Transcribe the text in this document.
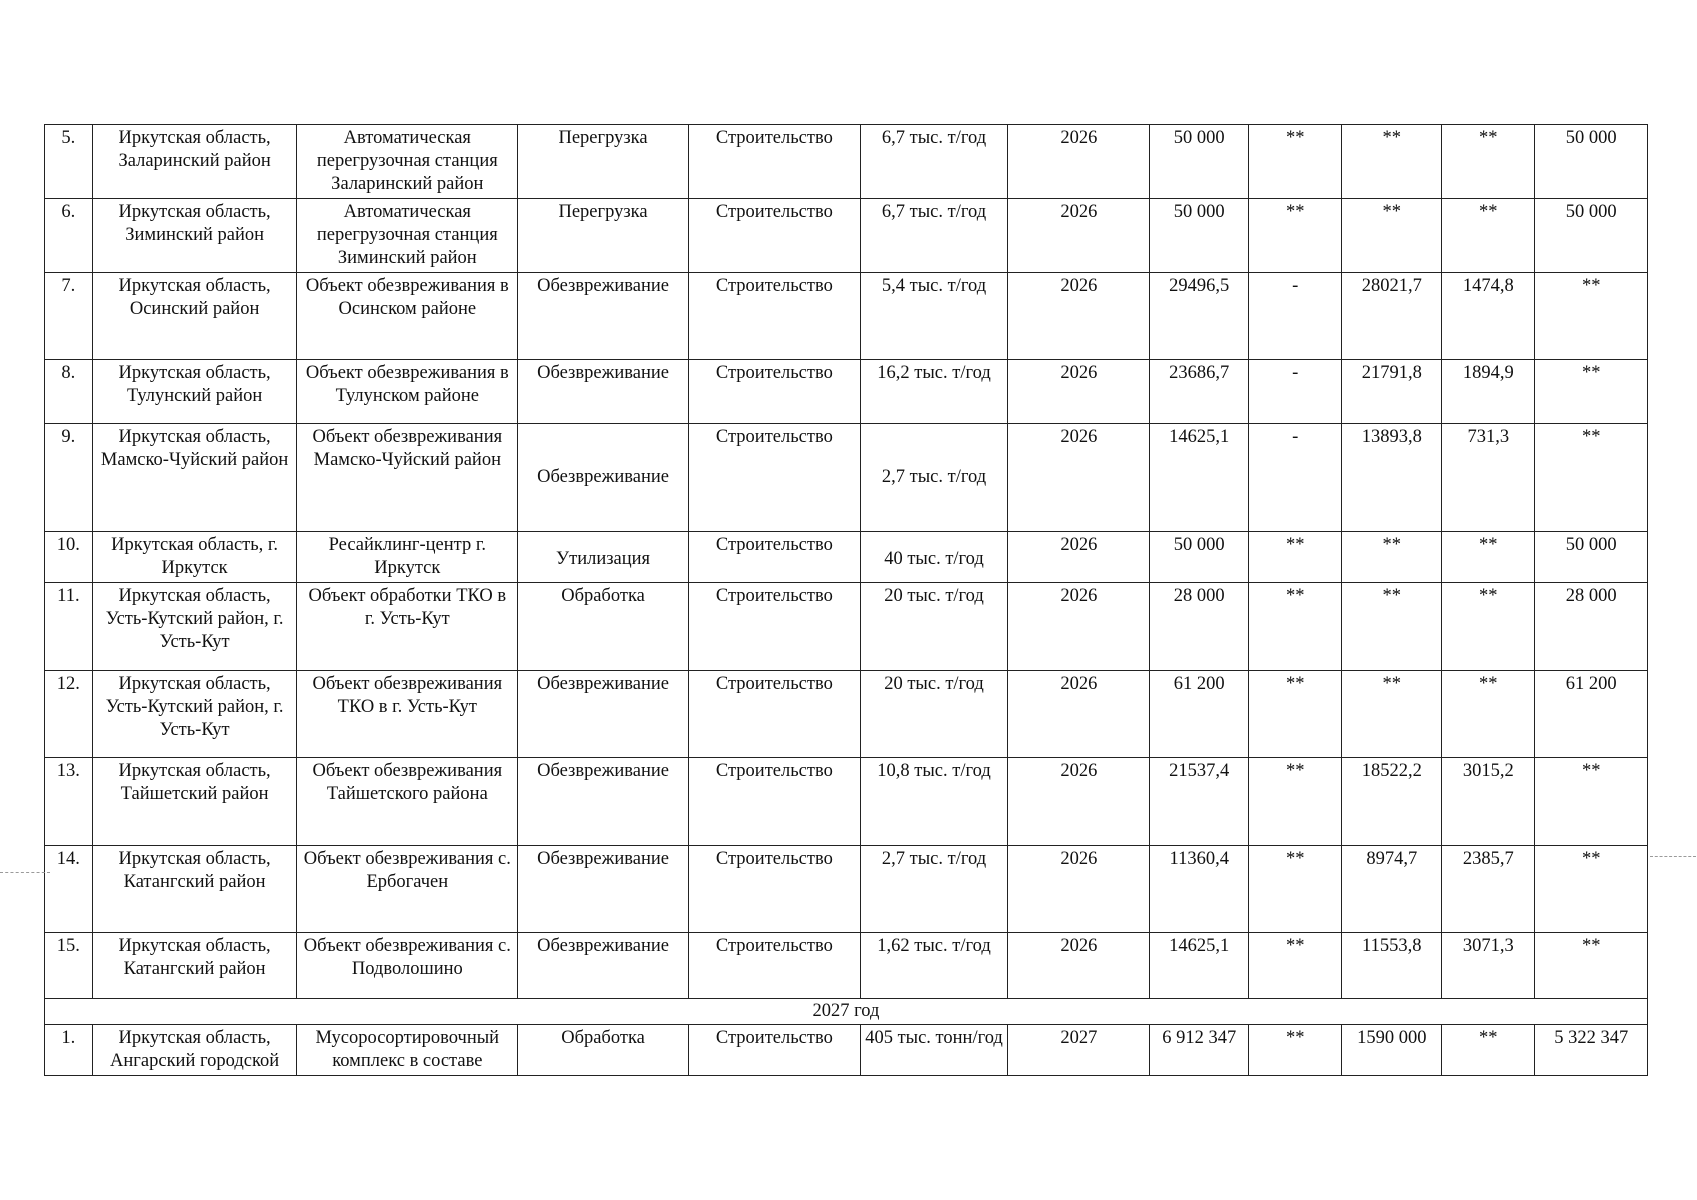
5.	Иркутская область, Заларинский район	Автоматическая перегрузочная станция Заларинский район	Перегрузка	Строительство	6,7 тыс. т/год	2026	50 000	**	**	**	50 000
6.	Иркутская область, Зиминский район	Автоматическая перегрузочная станция Зиминский район	Перегрузка	Строительство	6,7 тыс. т/год	2026	50 000	**	**	**	50 000
7.	Иркутская область, Осинский район	Объект обезвреживания в Осинском районе	Обезвреживание	Строительство	5,4 тыс. т/год	2026	29496,5	-	28021,7	1474,8	**
8.	Иркутская область, Тулунский район	Объект обезвреживания в Тулунском районе	Обезвреживание	Строительство	16,2 тыс. т/год	2026	23686,7	-	21791,8	1894,9	**
9.	Иркутская область, Мамско-Чуйский район	Объект обезвреживания Мамско-Чуйский район	Обезвреживание	Строительство	2,7 тыс. т/год	2026	14625,1	-	13893,8	731,3	**
10.	Иркутская область, г. Иркутск	Ресайклинг-центр г. Иркутск	Утилизация	Строительство	40 тыс. т/год	2026	50 000	**	**	**	50 000
11.	Иркутская область, Усть-Кутский район, г. Усть-Кут	Объект обработки ТКО в г. Усть-Кут	Обработка	Строительство	20 тыс. т/год	2026	28 000	**	**	**	28 000
12.	Иркутская область, Усть-Кутский район, г. Усть-Кут	Объект обезвреживания ТКО в г. Усть-Кут	Обезвреживание	Строительство	20 тыс. т/год	2026	61 200	**	**	**	61 200
13.	Иркутская область, Тайшетский район	Объект обезвреживания Тайшетского района	Обезвреживание	Строительство	10,8 тыс. т/год	2026	21537,4	**	18522,2	3015,2	**
14.	Иркутская область, Катангский район	Объект обезвреживания с. Ербогачен	Обезвреживание	Строительство	2,7 тыс. т/год	2026	11360,4	**	8974,7	2385,7	**
15.	Иркутская область, Катангский район	Объект обезвреживания с. Подволошино	Обезвреживание	Строительство	1,62 тыс. т/год	2026	14625,1	**	11553,8	3071,3	**
2027 год											
1.	Иркутская область, Ангарский городской	Мусоросортировочный комплекс в составе	Обработка	Строительство	405 тыс. тонн/год	2027	6 912 347	**	1590 000	**	5 322 347
